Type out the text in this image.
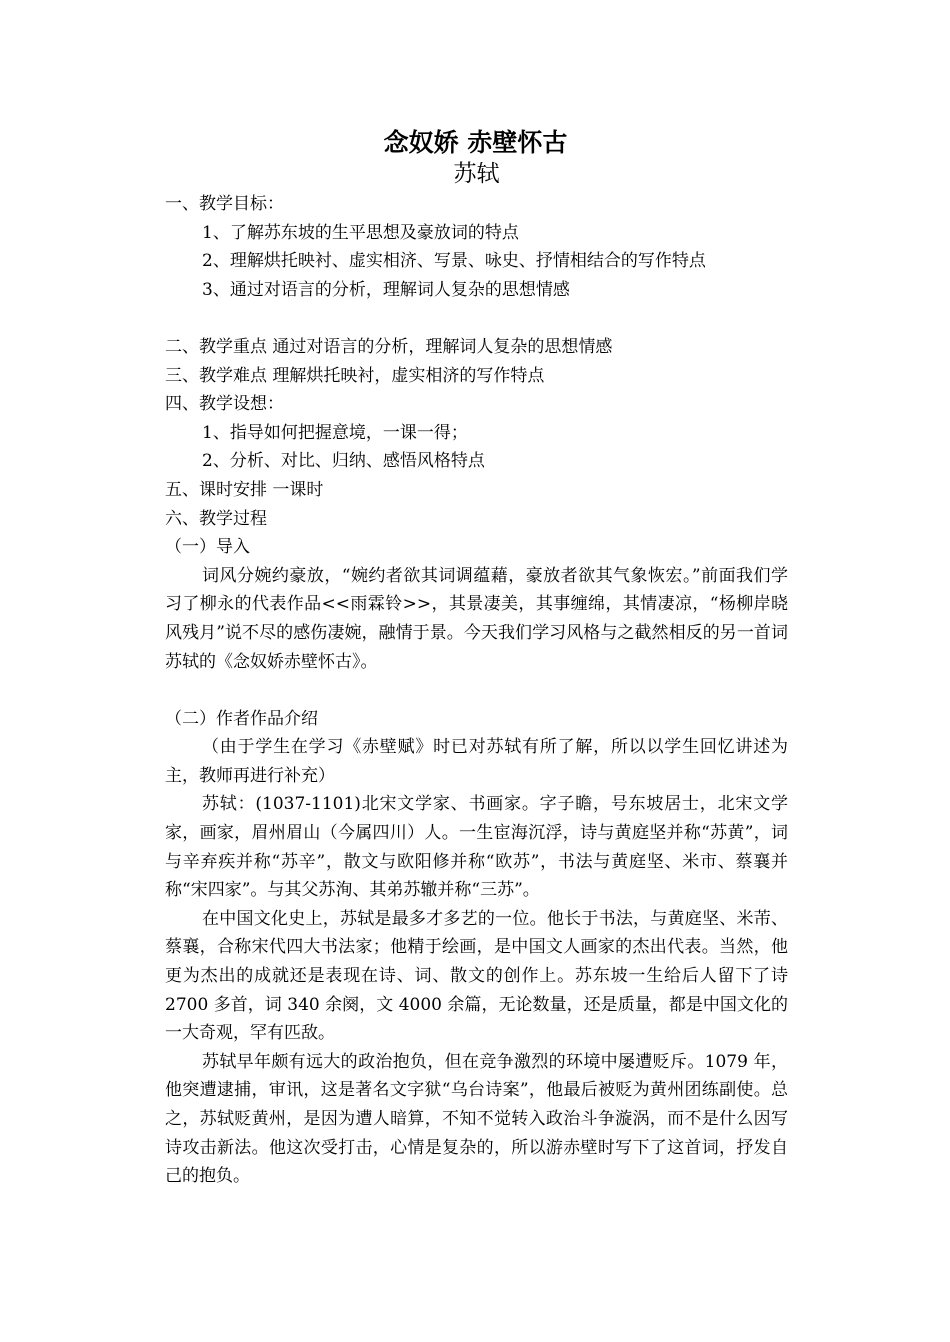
念奴娇 赤壁怀古
苏轼
一、教学目标：
1、了解苏东坡的生平思想及豪放词的特点
2、理解烘托映衬、虚实相济、写景、咏史、抒情相结合的写作特点
3、通过对语言的分析，理解词人复杂的思想情感
二、教学重点 通过对语言的分析，理解词人复杂的思想情感
三、教学难点 理解烘托映衬，虚实相济的写作特点
四、教学设想：
1、指导如何把握意境，一课一得；
2、分析、对比、归纳、感悟风格特点
五、课时安排 一课时
六、教学过程
（一）导入

词风分婉约豪放，“婉约者欲其词调蕴藉，豪放者欲其气象恢宏。”前面我们学习了柳永的代表作品<<雨霖铃>>，其景凄美，其事缠绵，其情凄凉，“杨柳岸晓风残月”说不尽的感伤凄婉，融情于景。今天我们学习风格与之截然相反的另一首词苏轼的《念奴娇赤壁怀古》。

（二）作者作品介绍

（由于学生在学习《赤壁赋》时已对苏轼有所了解，所以以学生回忆讲述为主，教师再进行补充）

苏轼：(1037-1101)北宋文学家、书画家。字子瞻，号东坡居士，北宋文学家，画家，眉州眉山（今属四川）人。一生宦海沉浮，诗与黄庭坚并称“苏黄”，词与辛弃疾并称“苏辛”，散文与欧阳修并称“欧苏”，书法与黄庭坚、米市、蔡襄并称“宋四家”。与其父苏洵、其弟苏辙并称“三苏”。

在中国文化史上，苏轼是最多才多艺的一位。他长于书法，与黄庭坚、米芾、蔡襄，合称宋代四大书法家；他精于绘画，是中国文人画家的杰出代表。当然，他更为杰出的成就还是表现在诗、词、散文的创作上。苏东坡一生给后人留下了诗 2700 多首，词 340 余阕，文 4000 余篇，无论数量，还是质量，都是中国文化的一大奇观，罕有匹敌。

苏轼早年颇有远大的政治抱负，但在竞争激烈的环境中屡遭贬斥。1079 年，他突遭逮捕，审讯，这是著名文字狱“乌台诗案”，他最后被贬为黄州团练副使。总之，苏轼贬黄州，是因为遭人暗算，不知不觉转入政治斗争漩涡，而不是什么因写诗攻击新法。他这次受打击，心情是复杂的，所以游赤壁时写下了这首词，抒发自己的抱负。
